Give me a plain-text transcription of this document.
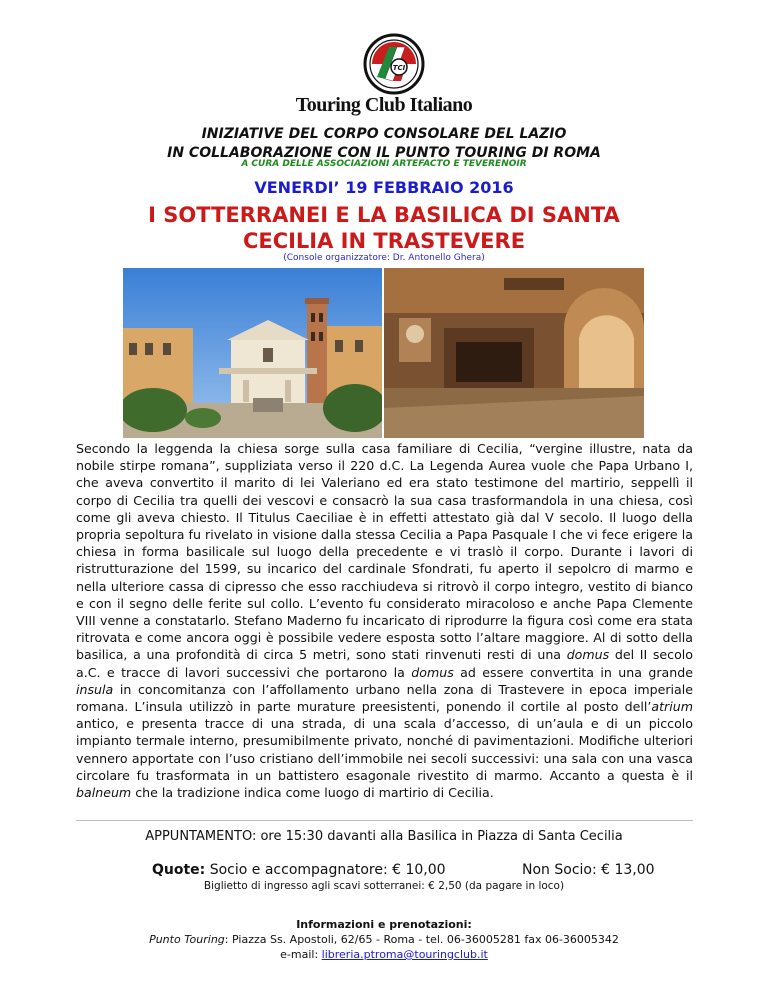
TCI
Touring Club Italiano
INIZIATIVE DEL CORPO CONSOLARE DEL LAZIO
IN COLLABORAZIONE CON IL PUNTO TOURING DI ROMA
A CURA DELLE ASSOCIAZIONI ARTEFACTO E TEVERENOIR
VENERDI’ 19 FEBBRAIO 2016
I SOTTERRANEI E LA BASILICA DI SANTA
CECILIA IN TRASTEVERE
(Console organizzatore: Dr. Antonello Ghera)

Secondo la leggenda la chiesa sorge sulla casa familiare di Cecilia, “vergine illustre, nata da nobile stirpe romana”, suppliziata verso il 220 d.C. La Legenda Aurea vuole che Papa Urbano I, che aveva convertito il marito di lei Valeriano ed era stato testimone del martirio, seppellì il corpo di Cecilia tra quelli dei vescovi e consacrò la sua casa trasformandola in una chiesa, così come gli aveva chiesto. Il Titulus Caeciliae è in effetti attestato già dal V secolo. Il luogo della propria sepoltura fu rivelato in visione dalla stessa Cecilia a Papa Pasquale I che vi fece erigere la chiesa in forma basilicale sul luogo della precedente e vi traslò il corpo. Durante i lavori di ristrutturazione del 1599, su incarico del cardinale Sfondrati, fu aperto il sepolcro di marmo e nella ulteriore cassa di cipresso che esso racchiudeva si ritrovò il corpo integro, vestito di bianco e con il segno delle ferite sul collo. L’evento fu considerato miracoloso e anche Papa Clemente VIII venne a constatarlo. Stefano Maderno fu incaricato di riprodurre la figura così come era stata ritrovata e come ancora oggi è possibile vedere esposta sotto l’altare maggiore. Al di sotto della basilica, a una profondità di circa 5 metri, sono stati rinvenuti resti di una domus del II secolo a.C. e tracce di lavori successivi che portarono la domus ad essere convertita in una grande insula in concomitanza con l’affollamento urbano nella zona di Trastevere in epoca imperiale romana. L’insula utilizzò in parte murature preesistenti, ponendo il cortile al posto dell’atrium antico, e presenta tracce di una strada, di una scala d’accesso, di un’aula e di un piccolo impianto termale interno, presumibilmente privato, nonché di pavimentazioni. Modifiche ulteriori vennero apportate con l’uso cristiano dell’immobile nei secoli successivi: una sala con una vasca circolare fu trasformata in un battistero esagonale rivestito di marmo. Accanto a questa è il balneum che la tradizione indica come luogo di martirio di Cecilia.

APPUNTAMENTO: ore 15:30 davanti alla Basilica in Piazza di Santa Cecilia
Quote: Socio e accompagnatore: € 10,00	Non Socio: € 13,00
Biglietto di ingresso agli scavi sotterranei: € 2,50 (da pagare in loco)
Informazioni e prenotazioni:
Punto Touring: Piazza Ss. Apostoli, 62/65 - Roma - tel. 06-36005281 fax 06-36005342
e-mail: libreria.ptroma@touringclub.it
